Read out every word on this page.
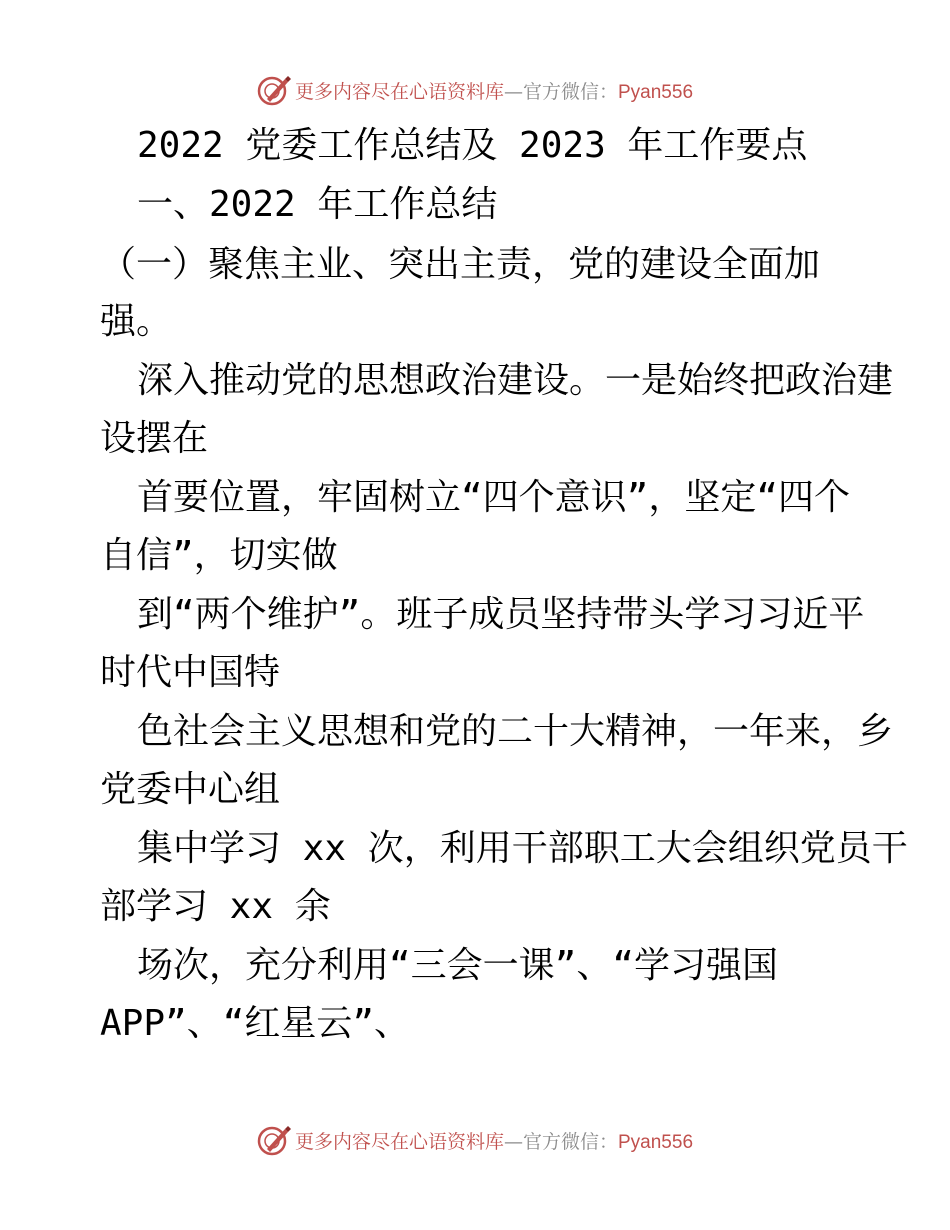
更多内容尽在心语资料库—官方微信：Pyan556
2022 党委工作总结及 2023 年工作要点
一、2022 年工作总结
（一）聚焦主业、突出主责，党的建设全面加
强。
深入推动党的思想政治建设。一是始终把政治建
设摆在
首要位置，牢固树立“四个意识”，坚定“四个
自信”，切实做
到“两个维护”。班子成员坚持带头学习习近平
时代中国特
色社会主义思想和党的二十大精神，一年来，乡
党委中心组
集中学习 xx 次，利用干部职工大会组织党员干
部学习 xx 余
场次，充分利用“三会一课”、“学习强国
APP”、“红星云”、
更多内容尽在心语资料库—官方微信：Pyan556
